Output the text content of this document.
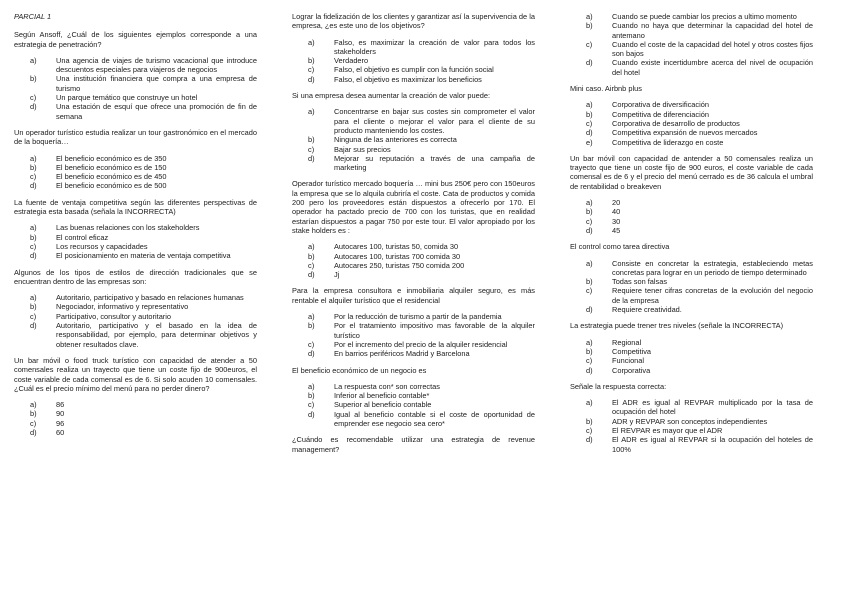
PARCIAL 1
Según Ansoff, ¿Cuál de los siguientes ejemplos corresponde a una estrategia de penetración?
a)	Una agencia de viajes de turismo vacacional que introduce descuentos especiales para viajeros de negocios
b)	Una institución financiera que compra a una empresa de turismo
c)	Un parque temático que construye un hotel
d)	Una estación de esquí que ofrece una promoción de fin de semana
Un operador turístico estudia realizar un tour gastronómico en el mercado de la boquería…
a)	El beneficio económico es de 350
b)	El beneficio económico es de 150
c)	El beneficio económico es de 450
d)	El beneficio económico es de 500
La fuente de ventaja competitiva según las diferentes perspectivas de estrategia esta basada (señala la INCORRECTA)
a)	Las buenas relaciones con los stakeholders
b)	El control eficaz
c)	Los recursos y capacidades
d)	El posicionamiento en materia de ventaja competitiva
Algunos de los tipos de estilos de dirección tradicionales que se encuentran dentro de las empresas son:
a)	Autoritario, participativo y basado en relaciones humanas
b)	Negociador, informativo y representativo
c)	Participativo, consultor y autoritario
d)	Autoritario, participativo y el basado en la idea de responsabilidad, por ejemplo, para determinar objetivos y obtener resultados clave.
Un bar móvil o food truck turístico con capacidad de atender a 50 comensales realiza un trayecto que tiene un coste fijo de 900euros, el coste variable de cada comensal es de 6. Si solo acuden 10 comensales. ¿Cuál es el precio mínimo del menú para no perder dinero?
a)	86
b)	90
c)	96
d)	60
Lograr la fidelización de los clientes y garantizar así la supervivencia de la empresa, ¿es este uno de los objetivos?
a)	Falso, es maximizar la creación de valor para todos los stakeholders
b)	Verdadero
c)	Falso, el objetivo es cumplir con la función social
d)	Falso, el objetivo es maximizar los beneficios
Si una empresa desea aumentar la creación de valor puede:
a)	Concentrarse en bajar sus costes sin comprometer el valor para el cliente o mejorar el valor para el cliente de su producto manteniendo los costes.
b)	Ninguna de las anteriores es correcta
c)	Bajar sus precios
d)	Mejorar su reputación a través de una campaña de marketing
Operador turístico mercado boquería … mini bus 250€ pero con 150euros la empresa que se lo alquila cubriría el coste. Cata de productos y comida 200 pero los proveedores están dispuestos a ofrecerlo por 170. El operador ha pactado precio de 700 con los turistas, que en realidad estarían dispuestos a pagar 750 por este tour. El valor apropiado por los stake holders es :
a)	Autocares 100, turistas 50, comida 30
b)	Autocares 100, turistas 700 comida 30
c)	Autocares 250, turistas 750 comida 200
d)	Jj
Para la empresa consultora e inmobiliaria alquiler seguro, es más rentable el alquiler turístico que el residencial
a)	Por la reducción de turismo a partir de la pandemia
b)	Por el tratamiento impositivo mas favorable de la alquiler turístico
c)	Por el incremento del precio de la alquiler residencial
d)	En barrios periféricos Madrid y Barcelona
El beneficio económico de un negocio es
a)	La respuesta con* son correctas
b)	Inferior al beneficio contable*
c)	Superior al beneficio contable
d)	Igual al beneficio contable si el coste de oportunidad de emprender ese negocio sea cero*
¿Cuándo es recomendable utilizar una estrategia de revenue management?
a)	Cuando se puede cambiar los precios a ultimo momento
b)	Cuando no haya que determinar la capacidad del hotel de antemano
c)	Cuando el coste de la capacidad del hotel y otros costes fijos son bajos
d)	Cuando existe incertidumbre acerca del nivel de ocupación del hotel
Mini caso. Airbnb plus
a)	Corporativa de diversificación
b)	Competitiva de diferenciación
c)	Corporativa de desarrollo de productos
d)	Competitiva expansión de nuevos mercados
e)	Competitiva de liderazgo en coste
Un bar móvil con capacidad de antender a 50 comensales realiza un trayecto que tiene un coste fijo de 900 euros, el coste variable de cada comensal es de 6 y el precio del menú cerrado es de 36 calcula el umbral de rentabilidad o breakeven
a)	20
b)	40
c)	30
d)	45
El control como tarea directiva
a)	Consiste en concretar la estrategia, estableciendo metas concretas para lograr en un periodo de tiempo determinado
b)	Todas son falsas
c)	Requiere tener cifras concretas de la evolución del negocio de la empresa
d)	Requiere creatividad.
La estrategia puede trener tres niveles (señale la INCORRECTA)
a)	Regional
b)	Competitiva
c)	Funcional
d)	Corporativa
Señale la respuesta correcta:
a)	El ADR es igual al REVPAR multiplicado por la tasa de ocupación del hotel
b)	ADR y REVPAR son conceptos independientes
c)	El REVPAR es mayor que el ADR
d)	El ADR es igual al REVPAR si la ocupación del hoteles de 100%
